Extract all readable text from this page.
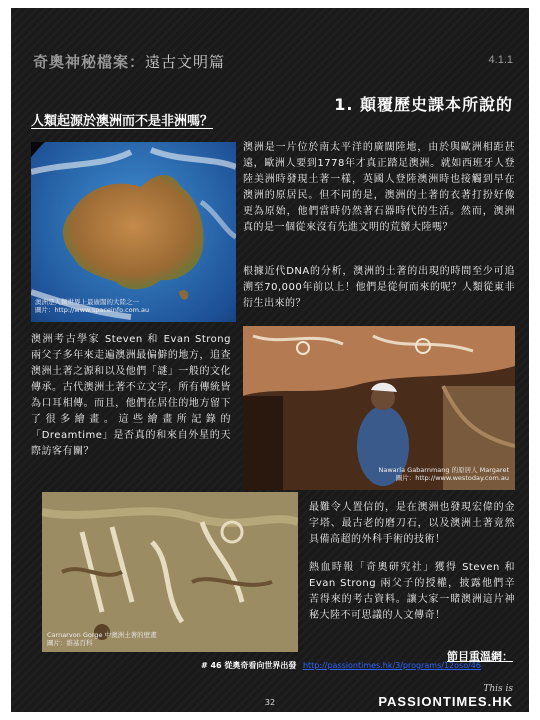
奇奧神秘檔案：遠古文明篇	4.1.1
1. 顛覆歷史課本所說的
人類起源於澳洲而不是非洲嗎？
澳洲是人類世界上最廣闊的大陸之一
圖片：http://www.spaceinfo.com.au
澳洲是一片位於南太平洋的廣闊陸地，由於與歐洲相距甚遠，歐洲人要到1778年才真正踏足澳洲。就如西班牙人登陸美洲時發現土著一樣，英國人登陸澳洲時也接觸到早在澳洲的原居民。但不同的是，澳洲的土著的衣著打扮好像更為原始，他們當時仍然著石器時代的生活。然而，澳洲真的是一個從來沒有先進文明的荒蠻大陸嗎？
根據近代DNA的分析，澳洲的土著的出現的時間至少可追溯至70,000年前以上！他們是從何而來的呢？人類從東非衍生出來的？
澳洲考古學家 Steven 和 Evan Strong 兩父子多年來走遍澳洲最偏僻的地方，追查澳洲土著之源和以及他們「謎」一般的文化傳承。古代澳洲土著不立文字，所有傳統皆為口耳相傳。而且，他們在居住的地方留下了很多繪畫。這些繪畫所記錄的「Dreamtime」是否真的和來自外星的天際訪客有關？
Nawarla Gabarnmang 的原居人 Margaret
圖片：http://www.westoday.com.au
Carnarvon Gorge 中澳洲土著的壁畫
圖片：維基百科
最難令人置信的，是在澳洲也發現宏偉的金字塔、最古老的磨刀石，以及澳洲土著竟然具備高超的外科手術的技術！
熱血時報「奇奧研究社」獲得 Steven 和 Evan Strong 兩父子的授權，披露他們辛苦得來的考古資料。讓大家一睹澳洲這片神秘大陸不可思議的人文傳奇！
節目重溫網：
# 46 從奧奇看向世界出發 http://passiontimes.hk/3/programs/12oso/46
32
This is
PASSIONTIMES.HK
